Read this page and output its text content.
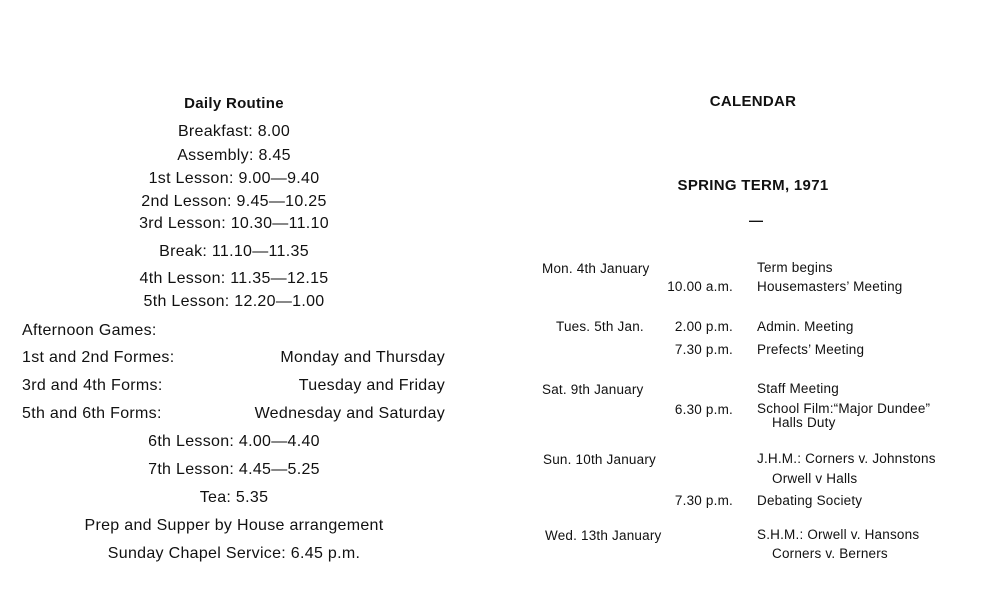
Daily Routine
Breakfast: 8.00
Assembly: 8.45
1st Lesson: 9.00—9.40
2nd Lesson: 9.45—10.25
3rd Lesson: 10.30—11.10
Break: 11.10—11.35
4th Lesson: 11.35—12.15
5th Lesson: 12.20—1.00
Afternoon Games:
1st and 2nd Formes:	Monday and Thursday
3rd and 4th Forms:	Tuesday and Friday
5th and 6th Forms:	Wednesday and Saturday
6th Lesson: 4.00—4.40
7th Lesson: 4.45—5.25
Tea: 5.35
Prep and Supper by House arrangement
Sunday Chapel Service: 6.45 p.m.
CALENDAR
SPRING TERM, 1971
—
Mon. 4th January	Term begins
10.00 a.m. Housemasters’ Meeting
Tues. 5th Jan. 2.00 p.m. Admin. Meeting
7.30 p.m. Prefects’ Meeting
Sat. 9th January	Staff Meeting
6.30 p.m. School Film:“Major Dundee”
Halls Duty
Sun. 10th January	J.H.M.: Corners v. Johnstons
Orwell v Halls
7.30 p.m. Debating Society
Wed. 13th January	S.H.M.: Orwell v. Hansons
Corners v. Berners
